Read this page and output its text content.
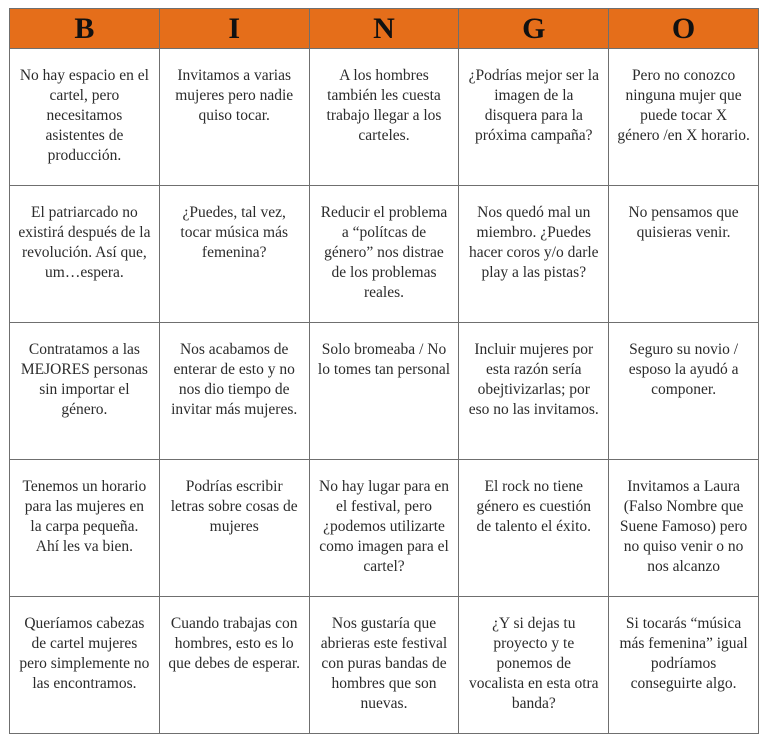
B	I	N	G	O

No hay espacio en el cartel, pero necesitamos asistentes de producción.	Invitamos a varias mujeres pero nadie quiso tocar.	A los hombres también les cuesta trabajo llegar a los carteles.	¿Podrías mejor ser la imagen de la disquera para la próxima campaña?	Pero no conozco ninguna mujer que puede tocar X género /en X horario.

El patriarcado no existirá después de la revolución. Así que, um…espera.	¿Puedes, tal vez, tocar música más femenina?	Reducir el problema a “polítcas de género” nos distrae de los problemas reales.	Nos quedó mal un miembro. ¿Puedes hacer coros y/o darle play a las pistas?	No pensamos que quisieras venir.

Contratamos a las MEJORES personas sin importar el género.	Nos acabamos de enterar de esto y no nos dio tiempo de invitar más mujeres.	Solo bromeaba / No lo tomes tan personal	Incluir mujeres por esta razón sería obejtivizarlas; por eso no las invitamos.	Seguro su novio / esposo la ayudó a componer.

Tenemos un horario para las mujeres en la carpa pequeña. Ahí les va bien.	Podrías escribir letras sobre cosas de mujeres	No hay lugar para en el festival, pero ¿podemos utilizarte como imagen para el cartel?	El rock no tiene género es cuestión de talento el éxito.	Invitamos a Laura (Falso Nombre que Suene Famoso) pero no quiso venir o no nos alcanzo

Queríamos cabezas de cartel mujeres pero simplemente no las encontramos.	Cuando trabajas con hombres, esto es lo que debes de esperar.	Nos gustaría que abrieras este festival con puras bandas de hombres que son nuevas.	¿Y si dejas tu proyecto y te ponemos de vocalista en esta otra banda?	Si tocarás “música más femenina” igual podríamos conseguirte algo.
